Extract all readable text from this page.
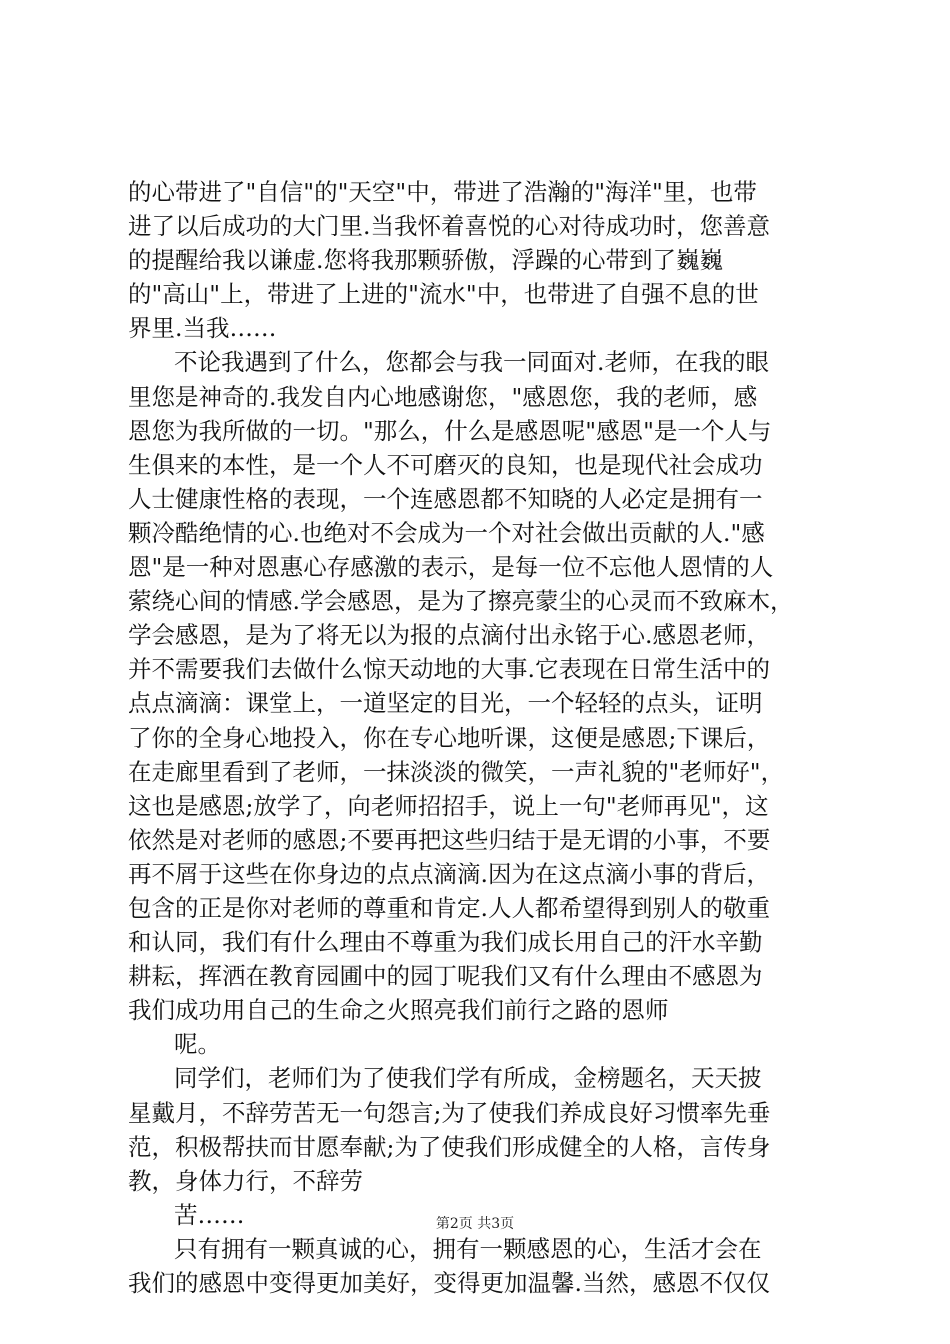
的心带进了"自信"的"天空"中，带进了浩瀚的"海洋"里，也带
进了以后成功的大门里.当我怀着喜悦的心对待成功时，您善意
的提醒给我以谦虚.您将我那颗骄傲，浮躁的心带到了巍巍
的"高山"上，带进了上进的"流水"中，也带进了自强不息的世
界里.当我……
不论我遇到了什么，您都会与我一同面对.老师，在我的眼
里您是神奇的.我发自内心地感谢您，"感恩您，我的老师，感
恩您为我所做的一切。"那么，什么是感恩呢"感恩"是一个人与
生俱来的本性，是一个人不可磨灭的良知，也是现代社会成功
人士健康性格的表现，一个连感恩都不知晓的人必定是拥有一
颗冷酷绝情的心.也绝对不会成为一个对社会做出贡献的人."感
恩"是一种对恩惠心存感激的表示，是每一位不忘他人恩情的人
萦绕心间的情感.学会感恩，是为了擦亮蒙尘的心灵而不致麻木，
学会感恩，是为了将无以为报的点滴付出永铭于心.感恩老师，
并不需要我们去做什么惊天动地的大事.它表现在日常生活中的
点点滴滴：课堂上，一道坚定的目光，一个轻轻的点头，证明
了你的全身心地投入，你在专心地听课，这便是感恩;下课后，
在走廊里看到了老师，一抹淡淡的微笑，一声礼貌的"老师好"，
这也是感恩;放学了，向老师招招手，说上一句"老师再见"，这
依然是对老师的感恩;不要再把这些归结于是无谓的小事，不要
再不屑于这些在你身边的点点滴滴.因为在这点滴小事的背后，
包含的正是你对老师的尊重和肯定.人人都希望得到别人的敬重
和认同，我们有什么理由不尊重为我们成长用自己的汗水辛勤
耕耘，挥洒在教育园圃中的园丁呢我们又有什么理由不感恩为
我们成功用自己的生命之火照亮我们前行之路的恩师
呢。
同学们，老师们为了使我们学有所成，金榜题名，天天披
星戴月，不辞劳苦无一句怨言;为了使我们养成良好习惯率先垂
范，积极帮扶而甘愿奉献;为了使我们形成健全的人格，言传身
教，身体力行，不辞劳
苦……
只有拥有一颗真诚的心，拥有一颗感恩的心，生活才会在
我们的感恩中变得更加美好，变得更加温馨.当然，感恩不仅仅
第2页 共3页
